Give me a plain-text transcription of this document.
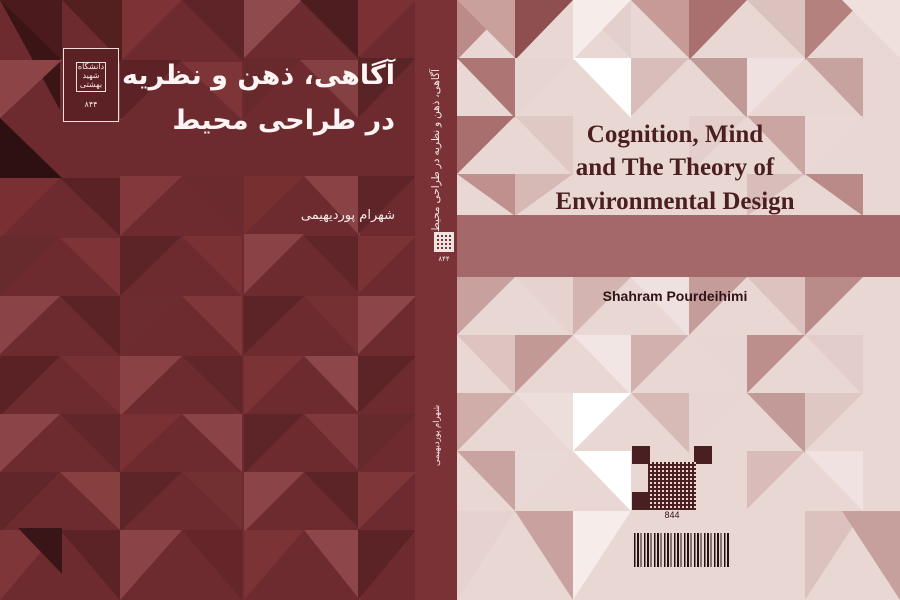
آگاهی، ذهن و نظریه در طراحی محیط
۸۴۴
شهرام پوردیهیمی
دانشگاه شهید بهشتی
۸۴۴
آگاهی، ذهن و نظریه
در طراحی محیط
شهرام پوردیهیمی
Cognition, Mind
and The Theory of
Environmental Design
Shahram Pourdeihimi
844
